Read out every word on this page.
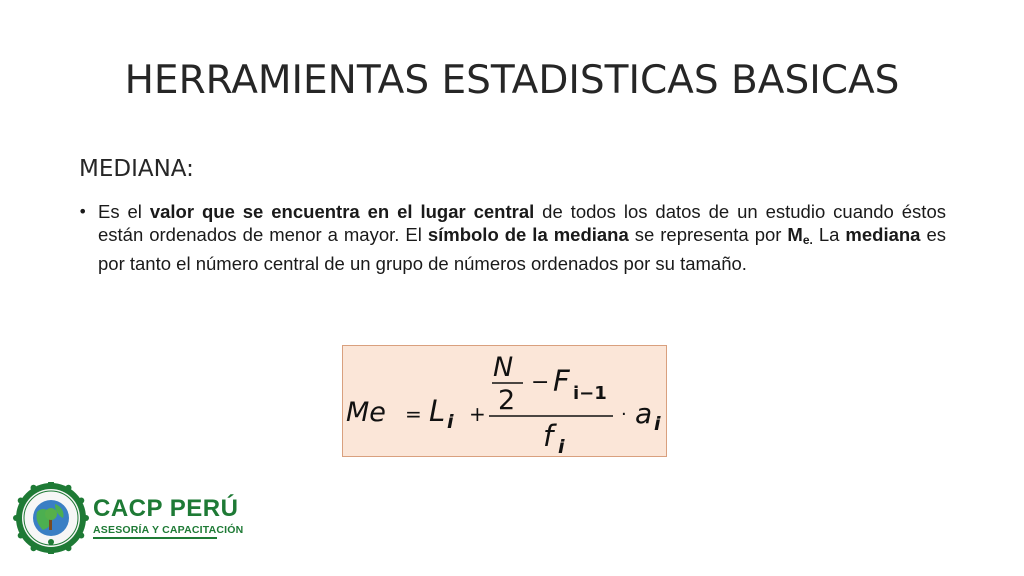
HERRAMIENTAS ESTADISTICAS BASICAS
MEDIANA:
• Es el valor que se encuentra en el lugar central de todos los datos de un estudio cuando éstos están ordenados de menor a mayor. El símbolo de la mediana se representa por $M_{e.}$ La mediana es por tanto el número central de un grupo de números ordenados por su tamaño.
Me = L i +
N
2
− F i−1
f i
· a i
CACP PERÚ
ASESORÍA Y CAPACITACIÓN
